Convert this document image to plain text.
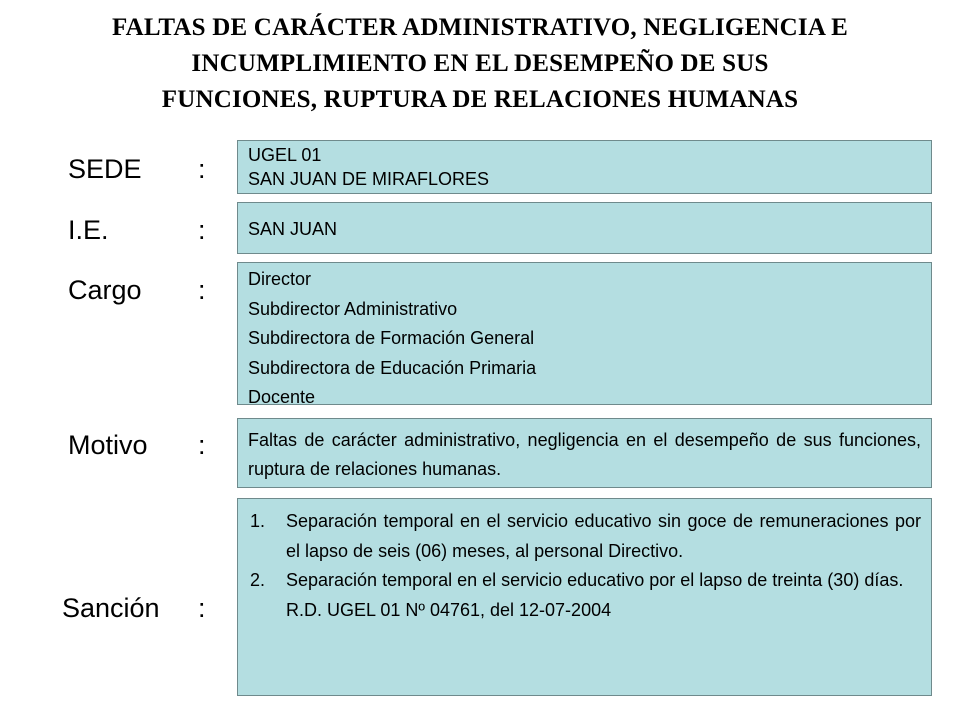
FALTAS DE CARÁCTER ADMINISTRATIVO, NEGLIGENCIA E
INCUMPLIMIENTO EN EL DESEMPEÑO DE SUS
FUNCIONES, RUPTURA DE RELACIONES HUMANAS
SEDE : UGEL 01
SAN JUAN DE MIRAFLORES
I.E.	: SAN JUAN
Cargo : Director
Subdirector Administrativo
Subdirectora de Formación General
Subdirectora de Educación Primaria
Docente
Motivo :	Faltas de carácter administrativo, negligencia en el desempeño de sus funciones, ruptura de relaciones humanas.
Sanción :
1.	Separación temporal en el servicio educativo sin goce de remuneraciones por el lapso de seis (06) meses, al personal Directivo.
2.	Separación temporal en el servicio educativo por el lapso de treinta (30) días.
R.D. UGEL 01 Nº 04761, del 12-07-2004
